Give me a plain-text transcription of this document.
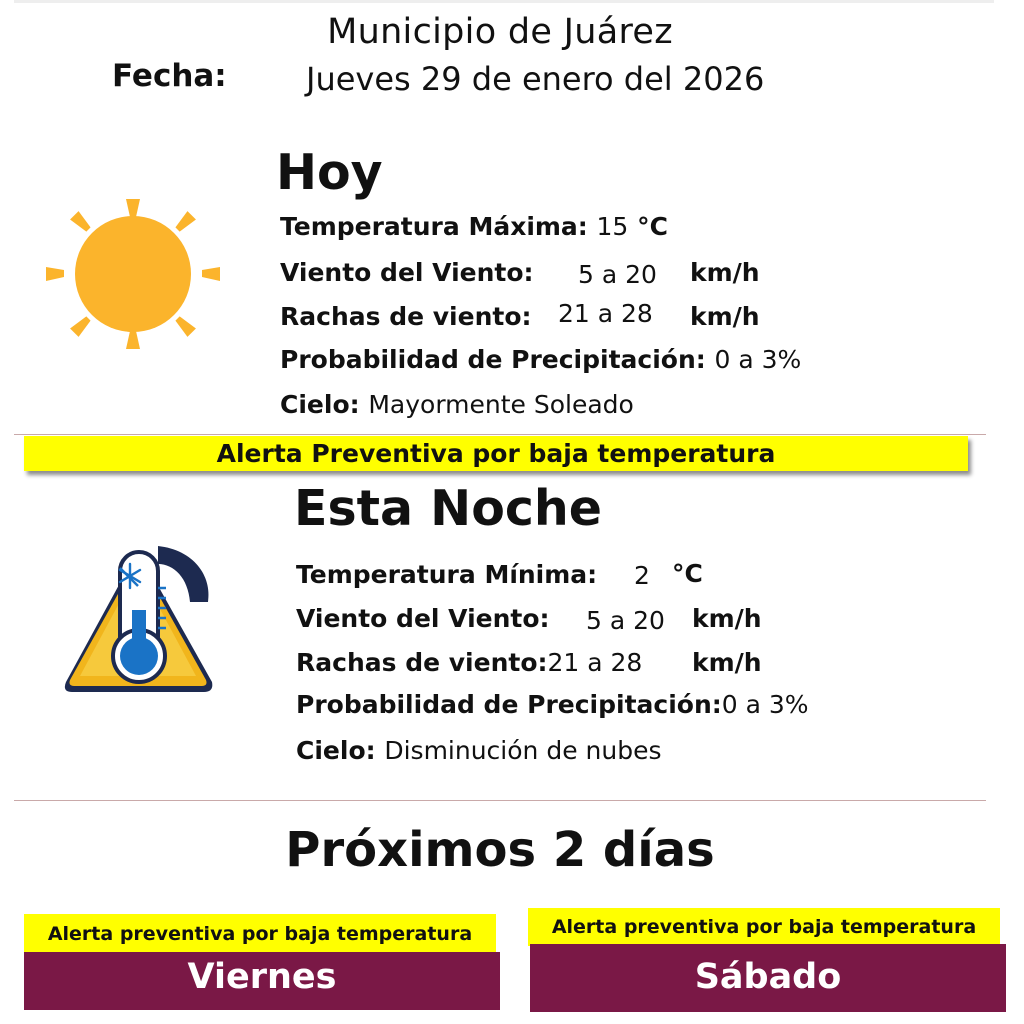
Municipio de Juárez
Fecha: Jueves 29 de enero del 2026
Hoy
Temperatura Máxima: 15 °C
Viento del Viento: 5 a 20 km/h
Rachas de viento: 21 a 28 km/h
Probabilidad de Precipitación: 0 a 3%
Cielo: Mayormente Soleado
Alerta Preventiva por baja temperatura
Esta Noche
Temperatura Mínima: 2 °C
Viento del Viento: 5 a 20 km/h
Rachas de viento:21 a 28 km/h
Probabilidad de Precipitación:0 a 3%
Cielo: Disminución de nubes
Próximos 2 días
Alerta preventiva por baja temperatura
Viernes
Alerta preventiva por baja temperatura
Sábado
